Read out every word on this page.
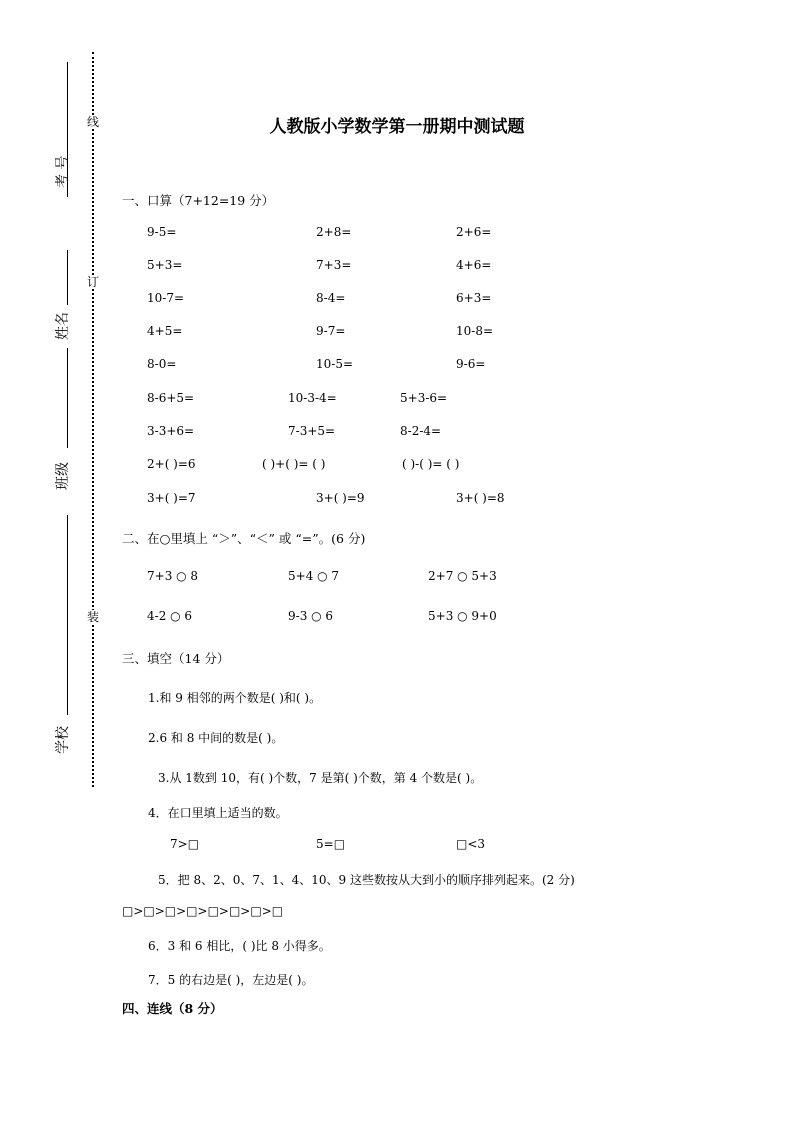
考 号
姓名
班级
学校
线
订
装
人教版小学数学第一册期中测试题
一、口算（7+12=19 分）
9-5=	2+8=	2+6=
5+3=	7+3=	4+6=
10-7=	8-4=	6+3=
4+5=	9-7=	10-8=
8-0=	10-5=	9-6=
8-6+5=	10-3-4=	5+3-6=
3-3+6=	7-3+5=	8-2-4=
2+( )=6	( )+( )= ( )	( )-( )= ( )
3+( )=7	3+( )=9	3+( )=8
二、在○里填上 “＞”、“＜” 或 “=”。(6 分)
7+3 ○ 8	5+4 ○ 7	2+7 ○ 5+3
4-2 ○ 6	9-3 ○ 6	5+3 ○ 9+0
三、填空（14 分）
1.和 9 相邻的两个数是( )和( )。
2.6 和 8 中间的数是( )。
3.从 1数到 10，有( )个数，7 是第( )个数，第 4 个数是( )。
4．在口里填上适当的数。
7>□	5=□	□<3
5．把 8、2、0、7、1、4、10、9 这些数按从大到小的顺序排列起来。(2 分)
□>□>□>□>□>□>□>□
6．3 和 6 相比，( )比 8 小得多。
7．5 的右边是( )，左边是( )。
四、连线（8 分）
